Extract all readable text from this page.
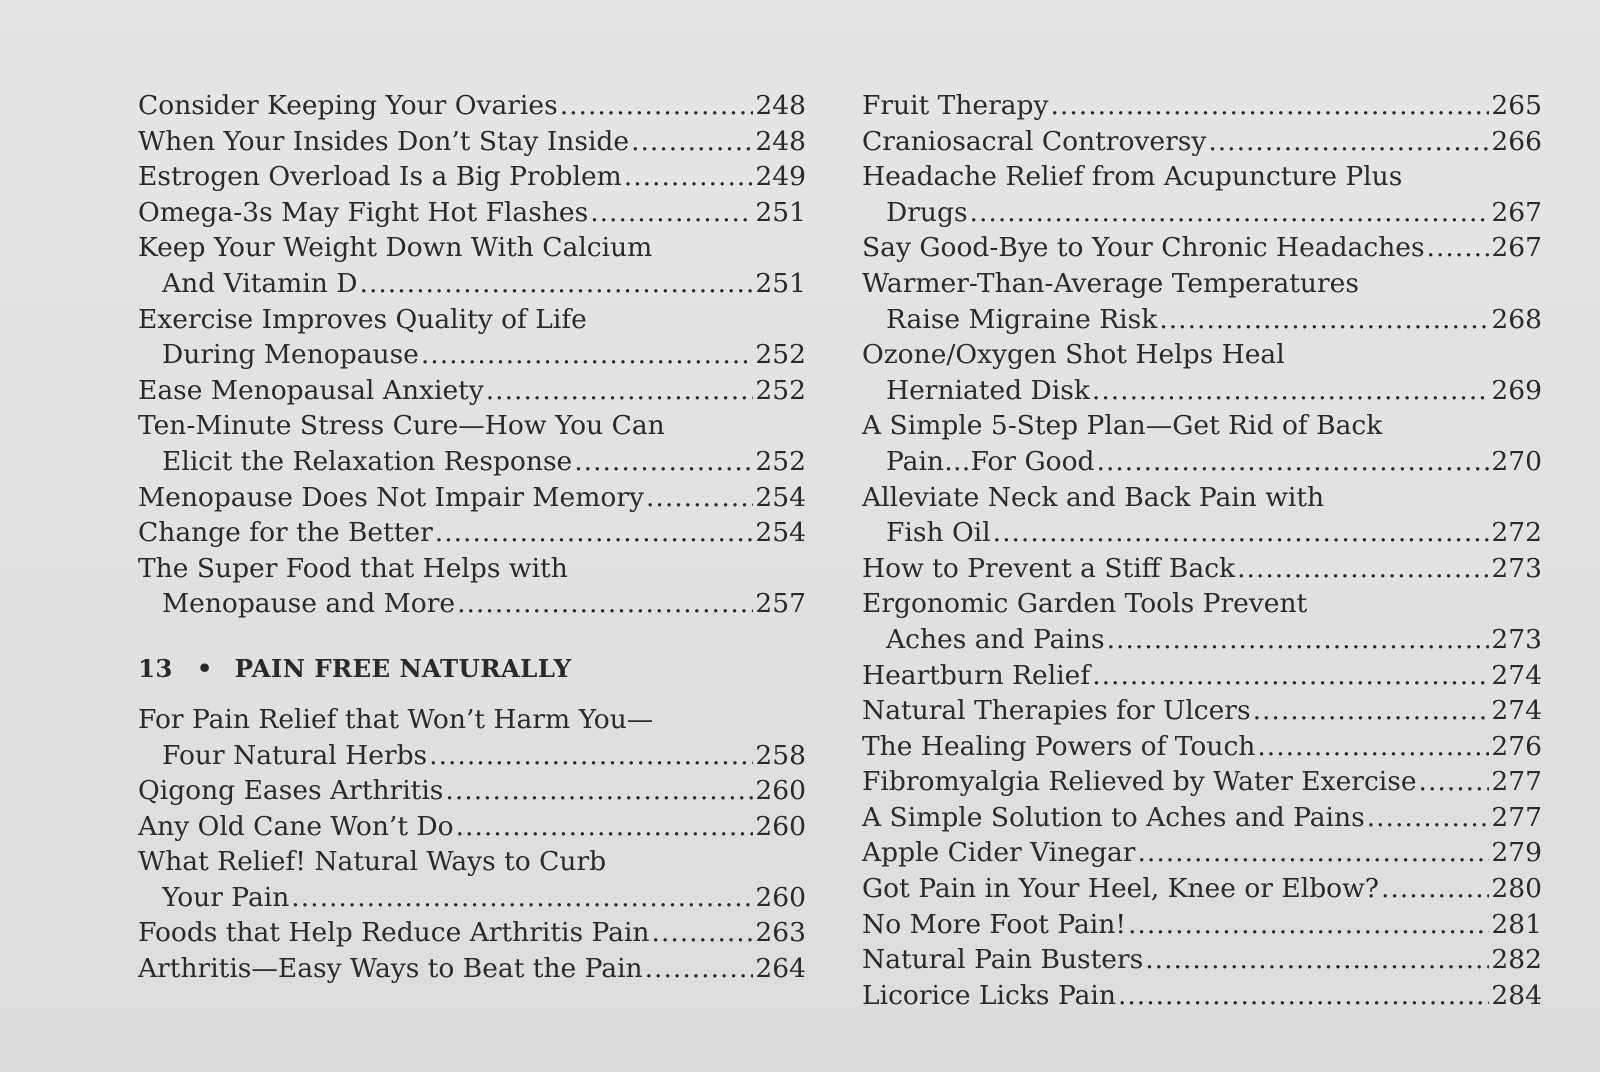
Consider Keeping Your Ovaries .....	248
When Your Insides Don’t Stay Inside .....	248
Estrogen Overload Is a Big Problem .....	249
Omega-3s May Fight Hot Flashes .....	251
Keep Your Weight Down With Calcium
And Vitamin D .....	251
Exercise Improves Quality of Life
During Menopause .....	252
Ease Menopausal Anxiety .....	252
Ten-Minute Stress Cure—How You Can
Elicit the Relaxation Response .....	252
Menopause Does Not Impair Memory .....	254
Change for the Better .....	254
The Super Food that Helps with
Menopause and More .....	257
13 • PAIN FREE NATURALLY
For Pain Relief that Won’t Harm You—
Four Natural Herbs .....	258
Qigong Eases Arthritis .....	260
Any Old Cane Won’t Do .....	260
What Relief! Natural Ways to Curb
Your Pain .....	260
Foods that Help Reduce Arthritis Pain .....	263
Arthritis—Easy Ways to Beat the Pain .....	264
Fruit Therapy .....	265
Craniosacral Controversy .....	266
Headache Relief from Acupuncture Plus
Drugs .....	267
Say Good-Bye to Your Chronic Headaches .....	267
Warmer-Than-Average Temperatures
Raise Migraine Risk .....	268
Ozone/Oxygen Shot Helps Heal
Herniated Disk .....	269
A Simple 5-Step Plan—Get Rid of Back
Pain…For Good .....	270
Alleviate Neck and Back Pain with
Fish Oil .....	272
How to Prevent a Stiff Back .....	273
Ergonomic Garden Tools Prevent
Aches and Pains .....	273
Heartburn Relief .....	274
Natural Therapies for Ulcers .....	274
The Healing Powers of Touch .....	276
Fibromyalgia Relieved by Water Exercise .....	277
A Simple Solution to Aches and Pains .....	277
Apple Cider Vinegar .....	279
Got Pain in Your Heel, Knee or Elbow? .....	280
No More Foot Pain! .....	281
Natural Pain Busters .....	282
Licorice Licks Pain .....	284
